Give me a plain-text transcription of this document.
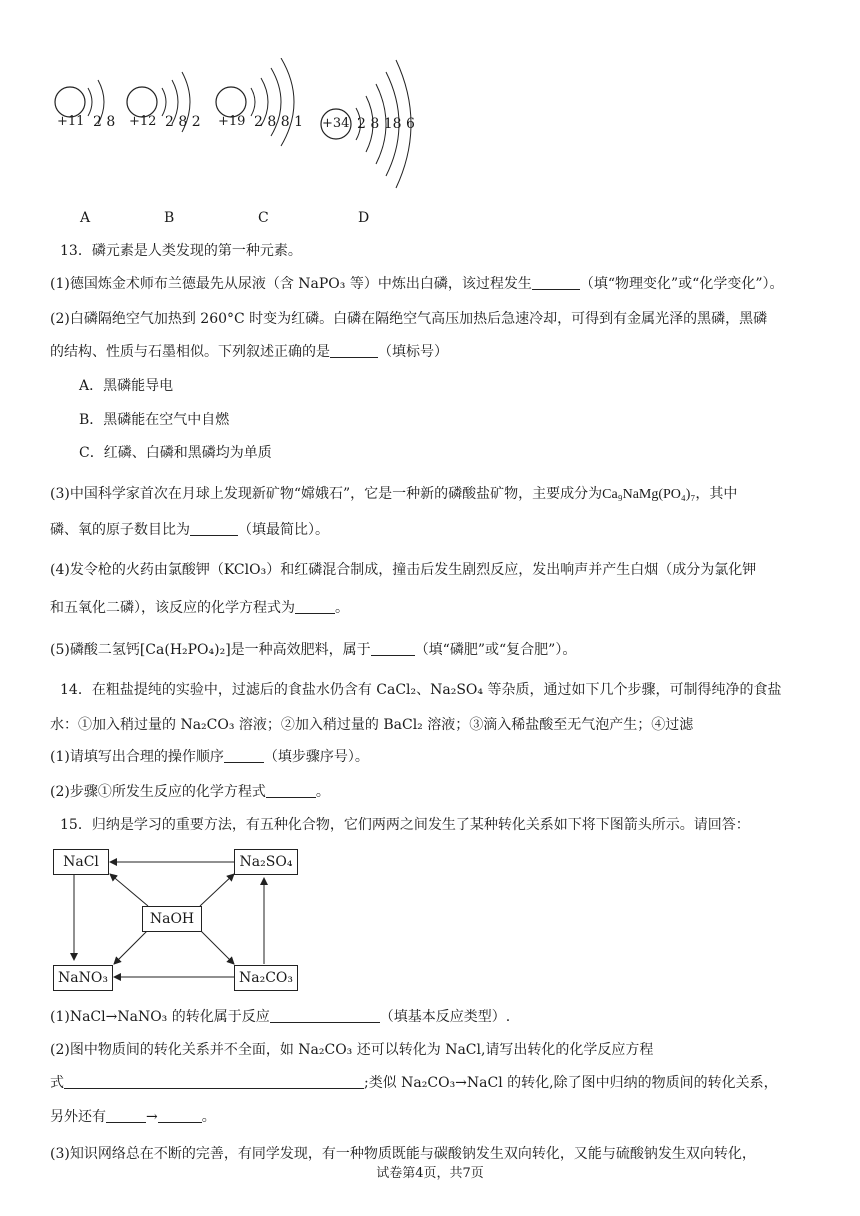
+11 2 8 +12 2 8 2 +19 2 8 8 1 +34 2 8 18 6
A	B	C	D
13．磷元素是人类发现的第一种元素。
(1)德国炼金术师布兰德最先从尿液（含 NaPO₃ 等）中炼出白磷，该过程发生	（填“物理变化”或“化学变化”）。
(2)白磷隔绝空气加热到 260°C 时变为红磷。白磷在隔绝空气高压加热后急速冷却，可得到有金属光泽的黑磷，黑磷
的结构、性质与石墨相似。下列叙述正确的是	（填标号）
A．黑磷能导电
B．黑磷能在空气中自燃
C．红磷、白磷和黑磷均为单质
(3)中国科学家首次在月球上发现新矿物“嫦娥石”，它是一种新的磷酸盐矿物，主要成分为Ca₉NaMg(PO₄)₇，其中
磷、氧的原子数目比为	（填最简比）。
(4)发令枪的火药由氯酸钾（KClO₃）和红磷混合制成，撞击后发生剧烈反应，发出响声并产生白烟（成分为氯化钾
和五氧化二磷），该反应的化学方程式为	。
(5)磷酸二氢钙[Ca(H₂PO₄)₂]是一种高效肥料，属于	（填“磷肥”或“复合肥”）。
14．在粗盐提纯的实验中，过滤后的食盐水仍含有 CaCl₂、Na₂SO₄ 等杂质，通过如下几个步骤，可制得纯净的食盐
水：①加入稍过量的 Na₂CO₃ 溶液；②加入稍过量的 BaCl₂ 溶液；③滴入稀盐酸至无气泡产生；④过滤
(1)请填写出合理的操作顺序	（填步骤序号）。
(2)步骤①所发生反应的化学方程式	。
15．归纳是学习的重要方法，有五种化合物，它们两两之间发生了某种转化关系如下将下图箭头所示。请回答：
NaCl	Na₂SO₄
NaOH
NaNO₃	Na₂CO₃
(1)NaCl→NaNO₃ 的转化属于反应	（填基本反应类型）.
(2)图中物质间的转化关系并不全面，如 Na₂CO₃ 还可以转化为 NaCl,请写出转化的化学反应方程
式	;类似 Na₂CO₃→NaCl 的转化,除了图中归纳的物质间的转化关系，
另外还有	→	。
(3)知识网络总在不断的完善，有同学发现，有一种物质既能与碳酸钠发生双向转化，又能与硫酸钠发生双向转化，
试卷第4页，共7页
